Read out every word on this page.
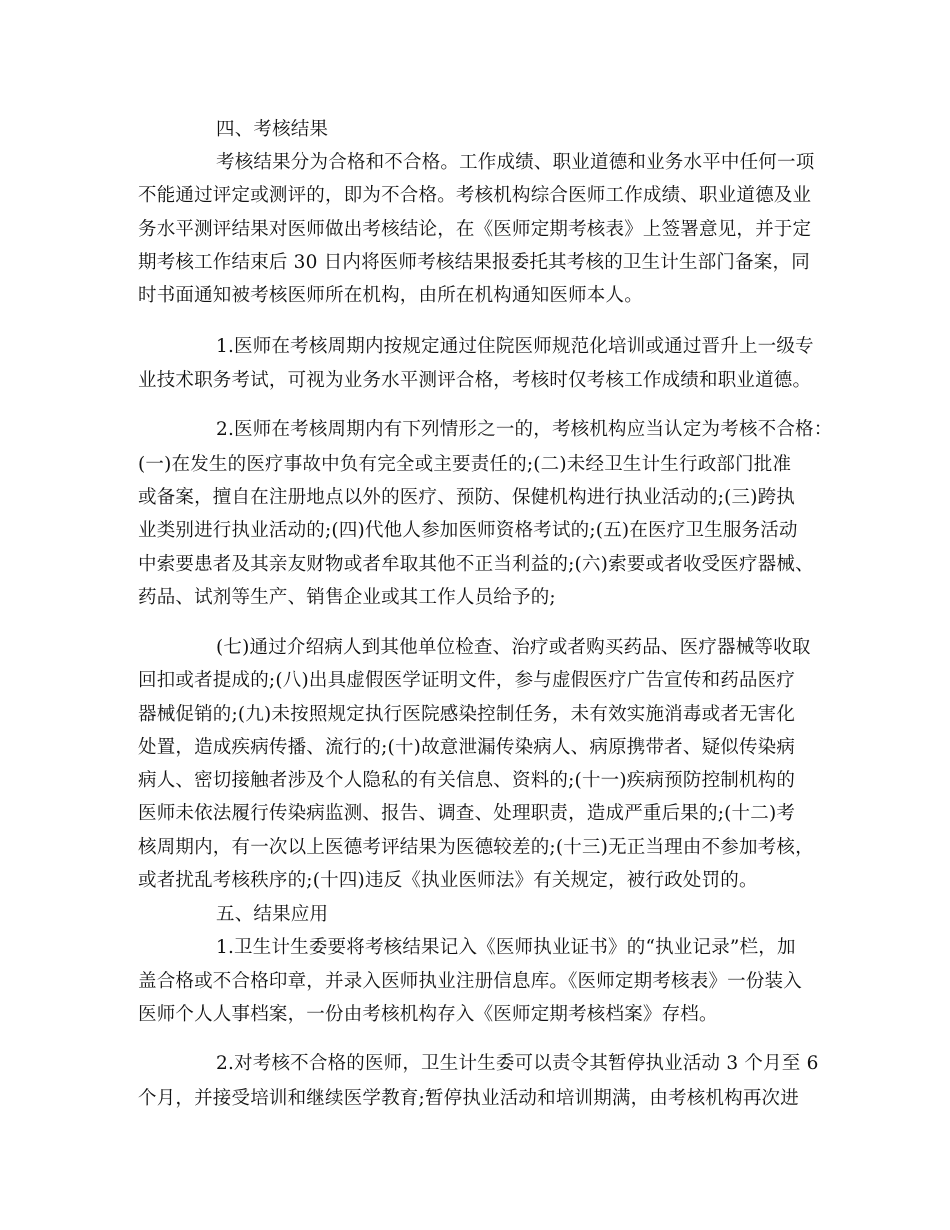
四、考核结果
考核结果分为合格和不合格。工作成绩、职业道德和业务水平中任何一项
不能通过评定或测评的，即为不合格。考核机构综合医师工作成绩、职业道德及业
务水平测评结果对医师做出考核结论，在《医师定期考核表》上签署意见，并于定
期考核工作结束后 30 日内将医师考核结果报委托其考核的卫生计生部门备案，同
时书面通知被考核医师所在机构，由所在机构通知医师本人。
1.医师在考核周期内按规定通过住院医师规范化培训或通过晋升上一级专
业技术职务考试，可视为业务水平测评合格，考核时仅考核工作成绩和职业道德。
2.医师在考核周期内有下列情形之一的，考核机构应当认定为考核不合格：
(一)在发生的医疗事故中负有完全或主要责任的;(二)未经卫生计生行政部门批准
或备案，擅自在注册地点以外的医疗、预防、保健机构进行执业活动的;(三)跨执
业类别进行执业活动的;(四)代他人参加医师资格考试的;(五)在医疗卫生服务活动
中索要患者及其亲友财物或者牟取其他不正当利益的;(六)索要或者收受医疗器械、
药品、试剂等生产、销售企业或其工作人员给予的;
(七)通过介绍病人到其他单位检查、治疗或者购买药品、医疗器械等收取
回扣或者提成的;(八)出具虚假医学证明文件，参与虚假医疗广告宣传和药品医疗
器械促销的;(九)未按照规定执行医院感染控制任务，未有效实施消毒或者无害化
处置，造成疾病传播、流行的;(十)故意泄漏传染病人、病原携带者、疑似传染病
病人、密切接触者涉及个人隐私的有关信息、资料的;(十一)疾病预防控制机构的
医师未依法履行传染病监测、报告、调查、处理职责，造成严重后果的;(十二)考
核周期内，有一次以上医德考评结果为医德较差的;(十三)无正当理由不参加考核，
或者扰乱考核秩序的;(十四)违反《执业医师法》有关规定，被行政处罚的。
五、结果应用
1.卫生计生委要将考核结果记入《医师执业证书》的“执业记录”栏，加
盖合格或不合格印章，并录入医师执业注册信息库。《医师定期考核表》一份装入
医师个人人事档案，一份由考核机构存入《医师定期考核档案》存档。
2.对考核不合格的医师，卫生计生委可以责令其暂停执业活动 3 个月至 6
个月，并接受培训和继续医学教育;暂停执业活动和培训期满，由考核机构再次进
